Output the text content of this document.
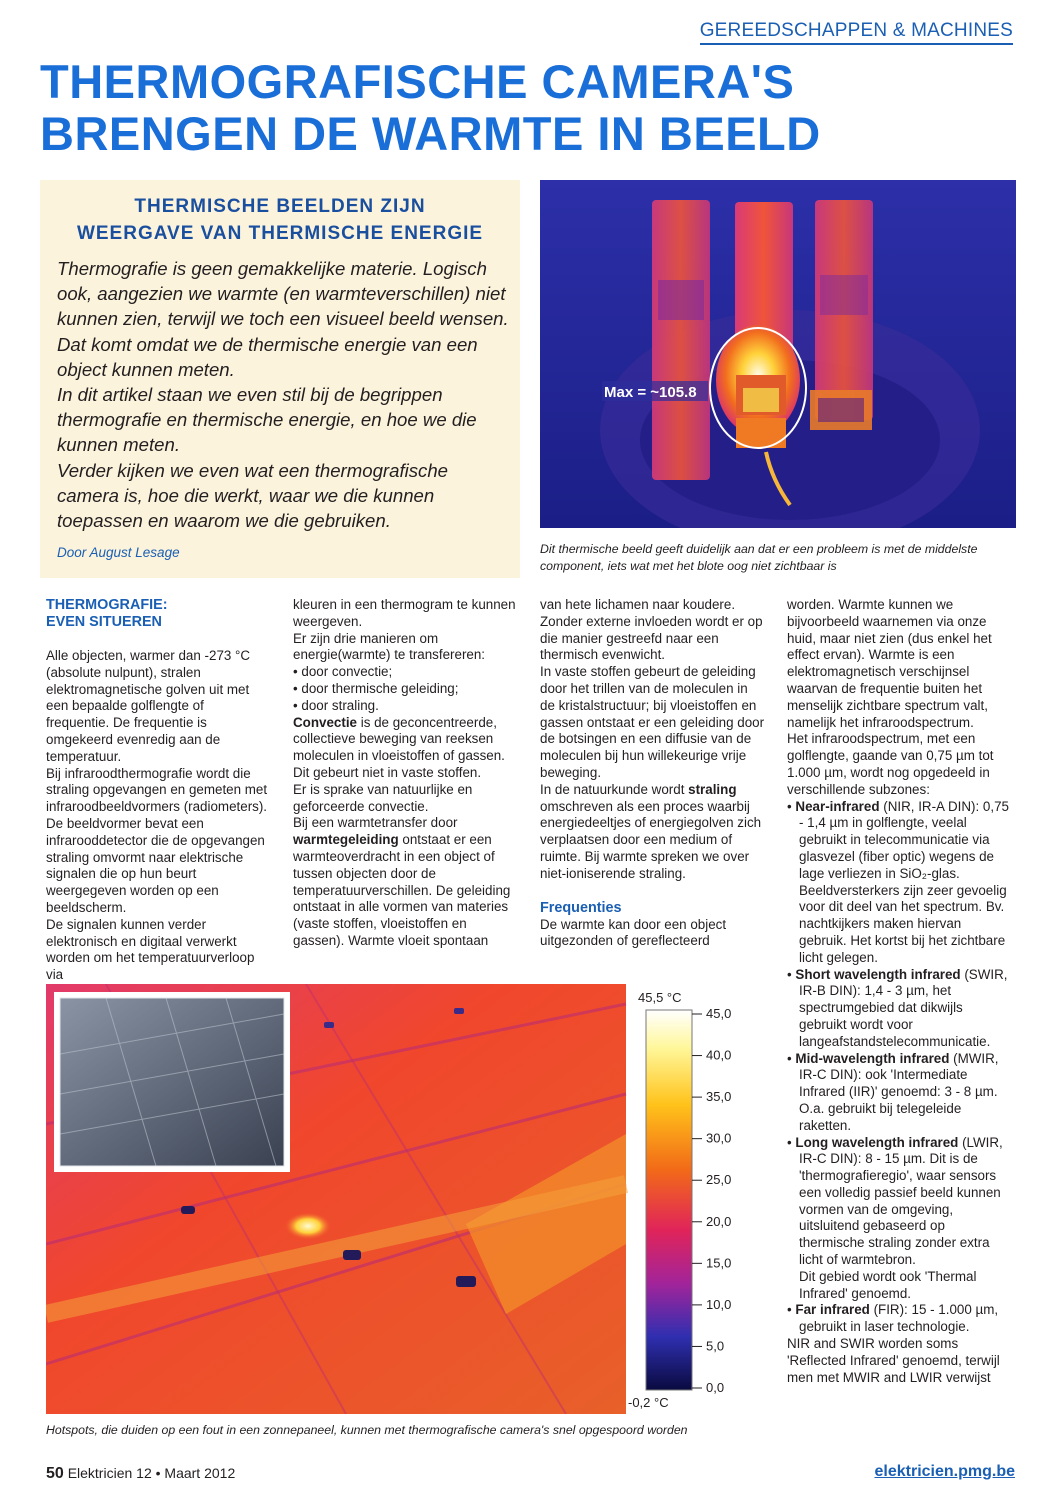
GEREEDSCHAPPEN & MACHINES
THERMOGRAFISCHE CAMERA'S
BRENGEN DE WARMTE IN BEELD
THERMISCHE BEELDEN ZIJN
WEERGAVE VAN THERMISCHE ENERGIE

Thermografie is geen gemakkelijke materie. Logisch ook, aangezien we warmte (en warmteverschillen) niet kunnen zien, terwijl we toch een visueel beeld wensen. Dat komt omdat we de thermische energie van een object kunnen meten.

In dit artikel staan we even stil bij de begrippen thermografie en thermische energie, en hoe we die kunnen meten.

Verder kijken we even wat een thermografische camera is, hoe die werkt, waar we die kunnen toepassen en waarom we die gebruiken.

Door August Lesage
Max = ~105.8
Dit thermische beeld geeft duidelijk aan dat er een probleem is met de middelste component, iets wat met het blote oog niet zichtbaar is
THERMOGRAFIE:
EVEN SITUEREN

Alle objecten, warmer dan -273 °C (absolute nulpunt), stralen elektromagnetische golven uit met een bepaalde golflengte of frequentie. De frequentie is omgekeerd evenredig aan de temperatuur.

Bij infraroodthermografie wordt die straling opgevangen en gemeten met infraroodbeeldvormers (radiometers). De beeldvormer bevat een infrarooddetector die de opgevangen straling omvormt naar elektrische signalen die op hun beurt weergegeven worden op een beeldscherm.

De signalen kunnen verder elektronisch en digitaal verwerkt worden om het temperatuurverloop via

kleuren in een thermogram te kunnen weergeven.

Er zijn drie manieren om energie(warmte) te transfereren:

• door convectie;

• door thermische geleiding;

• door straling.

Convectie is de geconcentreerde, collectieve beweging van reeksen moleculen in vloeistoffen of gassen. Dit gebeurt niet in vaste stoffen.

Er is sprake van natuurlijke en geforceerde convectie.

Bij een warmtetransfer door warmtegeleiding ontstaat er een warmteoverdracht in een object of tussen objecten door de temperatuurverschillen. De geleiding ontstaat in alle vormen van materies (vaste stoffen, vloeistoffen en gassen). Warmte vloeit spontaan

van hete lichamen naar koudere. Zonder externe invloeden wordt er op die manier gestreefd naar een thermisch evenwicht.

In vaste stoffen gebeurt de geleiding door het trillen van de moleculen in de kristalstructuur; bij vloeistoffen en gassen ontstaat er een geleiding door de botsingen en een diffusie van de moleculen bij hun willekeurige vrije beweging.

In de natuurkunde wordt straling omschreven als een proces waarbij energiedeeltjes of energiegolven zich verplaatsen door een medium of ruimte. Bij warmte spreken we over niet-ioniserende straling.

Frequenties

De warmte kan door een object uitgezonden of gereflecteerd

worden. Warmte kunnen we bijvoorbeeld waarnemen via onze huid, maar niet zien (dus enkel het effect ervan). Warmte is een elektromagnetisch verschijnsel waarvan de frequentie buiten het menselijk zichtbare spectrum valt, namelijk het infraroodspectrum.

Het infraroodspectrum, met een golflengte, gaande van 0,75 µm tot 1.000 µm, wordt nog opgedeeld in verschillende subzones:

• Near-infrared (NIR, IR-A DIN): 0,75 - 1,4 µm in golflengte, veelal gebruikt in telecommunicatie via glasvezel (fiber optic) wegens de lage verliezen in SiO₂-glas. Beeldversterkers zijn zeer gevoelig voor dit deel van het spectrum. Bv. nachtkijkers maken hiervan gebruik. Het kortst bij het zichtbare licht gelegen.

• Short wavelength infrared (SWIR, IR-B DIN): 1,4 - 3 µm, het spectrumgebied dat dikwijls gebruikt wordt voor langeafstandstelecommunicatie.

• Mid-wavelength infrared (MWIR, IR-C DIN): ook 'Intermediate Infrared (IIR)' genoemd: 3 - 8 µm. O.a. gebruikt bij telegeleide raketten.

• Long wavelength infrared (LWIR, IR-C DIN): 8 - 15 µm. Dit is de 'thermografieregio', waar sensors een volledig passief beeld kunnen vormen van de omgeving, uitsluitend gebaseerd op thermische straling zonder extra licht of warmtebron.

Dit gebied wordt ook 'Thermal Infrared' genoemd.

• Far infrared (FIR): 15 - 1.000 µm, gebruikt in laser technologie.

NIR and SWIR worden soms 'Reflected Infrared' genoemd, terwijl men met MWIR and LWIR verwijst

45,5 °C
-0,2 °C
45,0
40,0
35,0
30,0
25,0
20,0
15,0
10,0
5,0
0,0
Hotspots, die duiden op een fout in een zonnepaneel, kunnen met thermografische camera's snel opgespoord worden
50 Elektricien 12 • Maart 2012	elektricien.pmg.be
